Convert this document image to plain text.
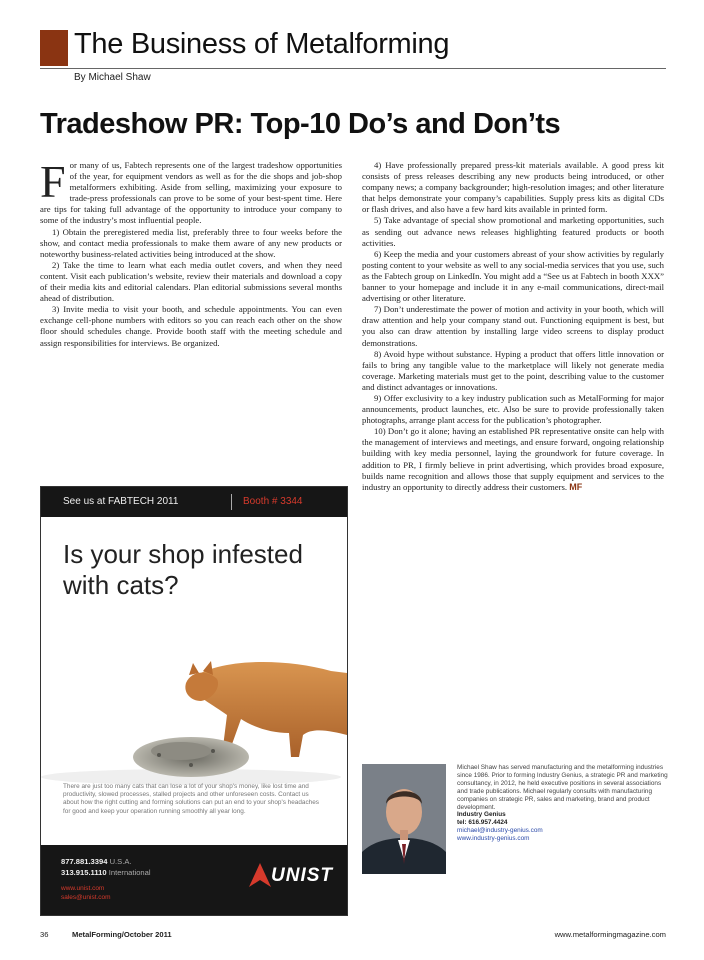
The Business of Metalforming
By Michael Shaw
Tradeshow PR: Top-10 Do’s and Don’ts

For many of us, Fabtech represents one of the largest tradeshow opportunities of the year, for equipment vendors as well as for the die shops and job-shop metalformers exhibiting. Aside from selling, maximizing your exposure to trade-press professionals can prove to be some of your best-spent time. Here are tips for taking full advantage of the opportunity to introduce your company to some of the industry’s most influential people.

1) Obtain the preregistered media list, preferably three to four weeks before the show, and contact media professionals to make them aware of any new products or noteworthy business-related activities being introduced at the show.

2) Take the time to learn what each media outlet covers, and when they need content. Visit each publication’s website, review their materials and download a copy of their media kits and editorial calendars. Plan editorial submissions several months ahead of distribution.

3) Invite media to visit your booth, and schedule appointments. You can even exchange cell-phone numbers with editors so you can reach each other on the show floor should schedules change. Provide booth staff with the meeting schedule and assign responsibilities for interviews. Be organized.

4) Have professionally prepared press-kit materials available. A good press kit consists of press releases describing any new products being introduced, or other company news; a company backgrounder; high-resolution images; and other literature that helps demonstrate your company’s capabilities. Supply press kits as digital CDs or flash drives, and also have a few hard kits available in printed form.

5) Take advantage of special show promotional and marketing opportunities, such as sending out advance news releases highlighting featured products or booth activities.

6) Keep the media and your customers abreast of your show activities by regularly posting content to your website as well to any social-media services that you use, such as the Fabtech group on LinkedIn. You might add a “See us at Fabtech in booth XXX” banner to your homepage and include it in any e-mail communications, direct-mail advertising or other literature.

7) Don’t underestimate the power of motion and activity in your booth, which will draw attention and help your company stand out. Functioning equipment is best, but you also can draw attention by installing large video screens to display product demonstrations.

8) Avoid hype without substance. Hyping a product that offers little innovation or fails to bring any tangible value to the marketplace will likely not generate media coverage. Marketing materials must get to the point, describing value to the customer and distinct advantages or innovations.

9) Offer exclusivity to a key industry publication such as MetalForming for major announcements, product launches, etc. Also be sure to provide professionally taken photographs, arrange plant access for the publication’s photographer.

10) Don’t go it alone; having an established PR representative onsite can help with the management of interviews and meetings, and ensure forward, ongoing relationship building with key media personnel, laying the groundwork for future coverage. In addition to PR, I firmly believe in print advertising, which provides broad exposure, builds name recognition and allows those that supply equipment and services to the industry an opportunity to directly address their customers. MF

See us at FABTECH 2011	Booth # 3344
Is your shop infested
with cats?
There are just too many cats that can lose a lot of your shop's money, like lost time and productivity, slowed processes, stalled projects and other unforeseen costs. Contact us about how the right cutting and forming solutions can put an end to your shop's headaches for good and keep your operation running smoothly all year long.
877.881.3394 U.S.A.
313.915.1110 International
www.unist.com
sales@unist.com
UNIST
Michael Shaw has served manufacturing and the metalforming industries since 1986. Prior to forming Industry Genius, a strategic PR and marketing consultancy, in 2012, he held executive positions in several associations and trade publications. Michael regularly consults with manufacturing companies on strategic PR, sales and marketing, brand and product development.
Industry Genius
tel: 616.957.4424
michael@industry-genius.com
www.industry-genius.com
36	MetalForming/October 2011	www.metalformingmagazine.com
